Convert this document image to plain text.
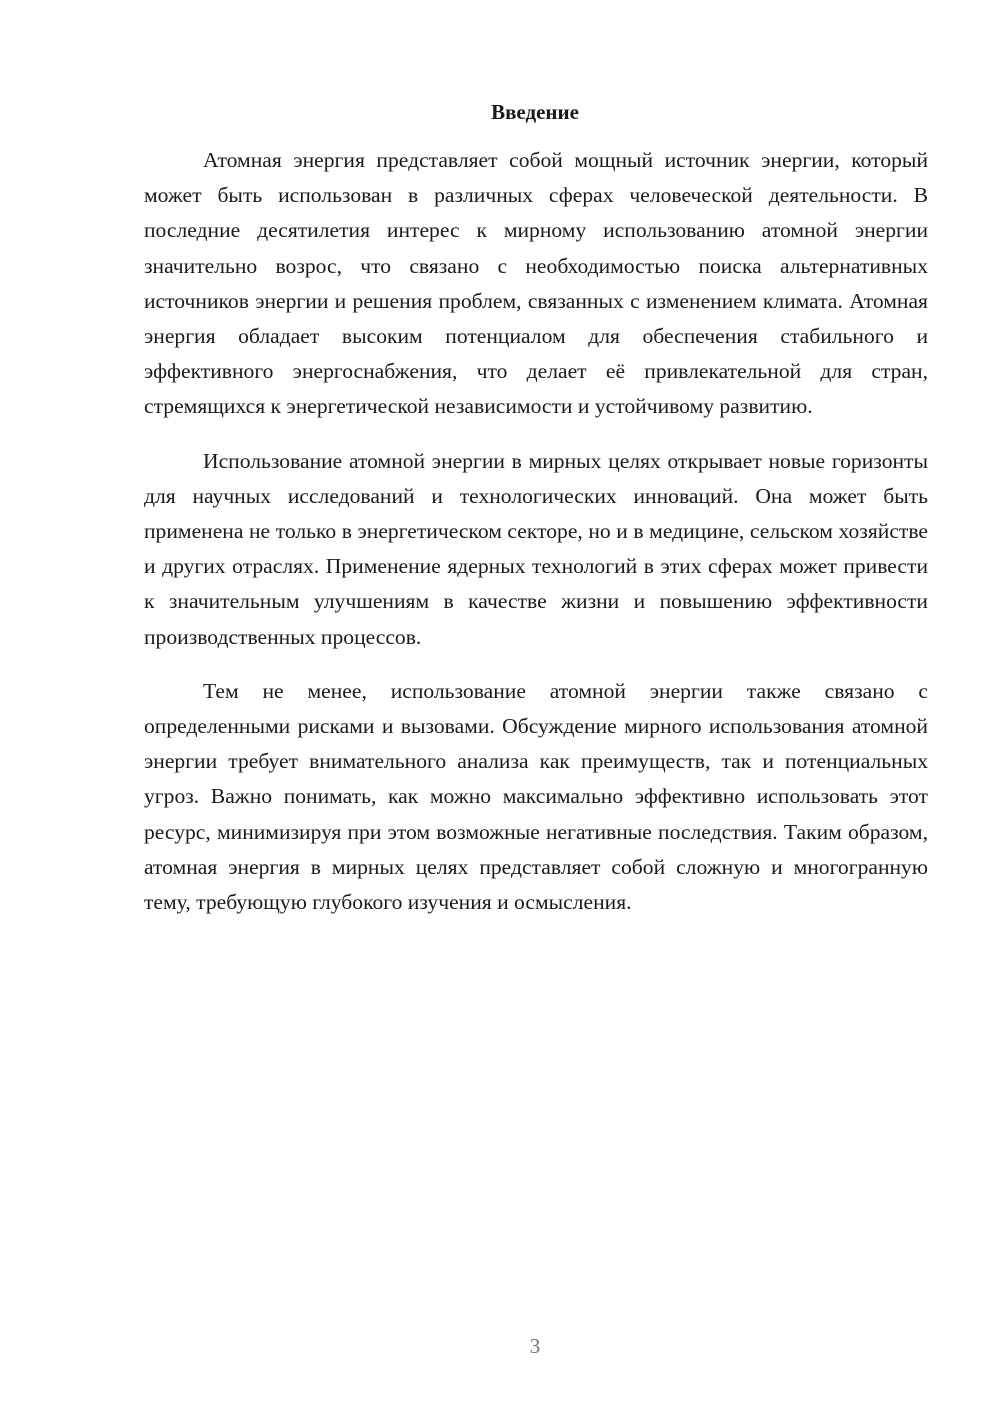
Введение

Атомная энергия представляет собой мощный источник энергии, который может быть использован в различных сферах человеческой деятельности. В последние десятилетия интерес к мирному использованию атомной энергии значительно возрос, что связано с необходимостью поиска альтернативных источников энергии и решения проблем, связанных с изменением климата. Атомная энергия обладает высоким потенциалом для обеспечения стабильного и эффективного энергоснабжения, что делает её привлекательной для стран, стремящихся к энергетической независимости и устойчивому развитию.

Использование атомной энергии в мирных целях открывает новые горизонты для научных исследований и технологических инноваций. Она может быть применена не только в энергетическом секторе, но и в медицине, сельском хозяйстве и других отраслях. Применение ядерных технологий в этих сферах может привести к значительным улучшениям в качестве жизни и повышению эффективности производственных процессов.

Тем не менее, использование атомной энергии также связано с определенными рисками и вызовами. Обсуждение мирного использования атомной энергии требует внимательного анализа как преимуществ, так и потенциальных угроз. Важно понимать, как можно максимально эффективно использовать этот ресурс, минимизируя при этом возможные негативные последствия. Таким образом, атомная энергия в мирных целях представляет собой сложную и многогранную тему, требующую глубокого изучения и осмысления.

3
